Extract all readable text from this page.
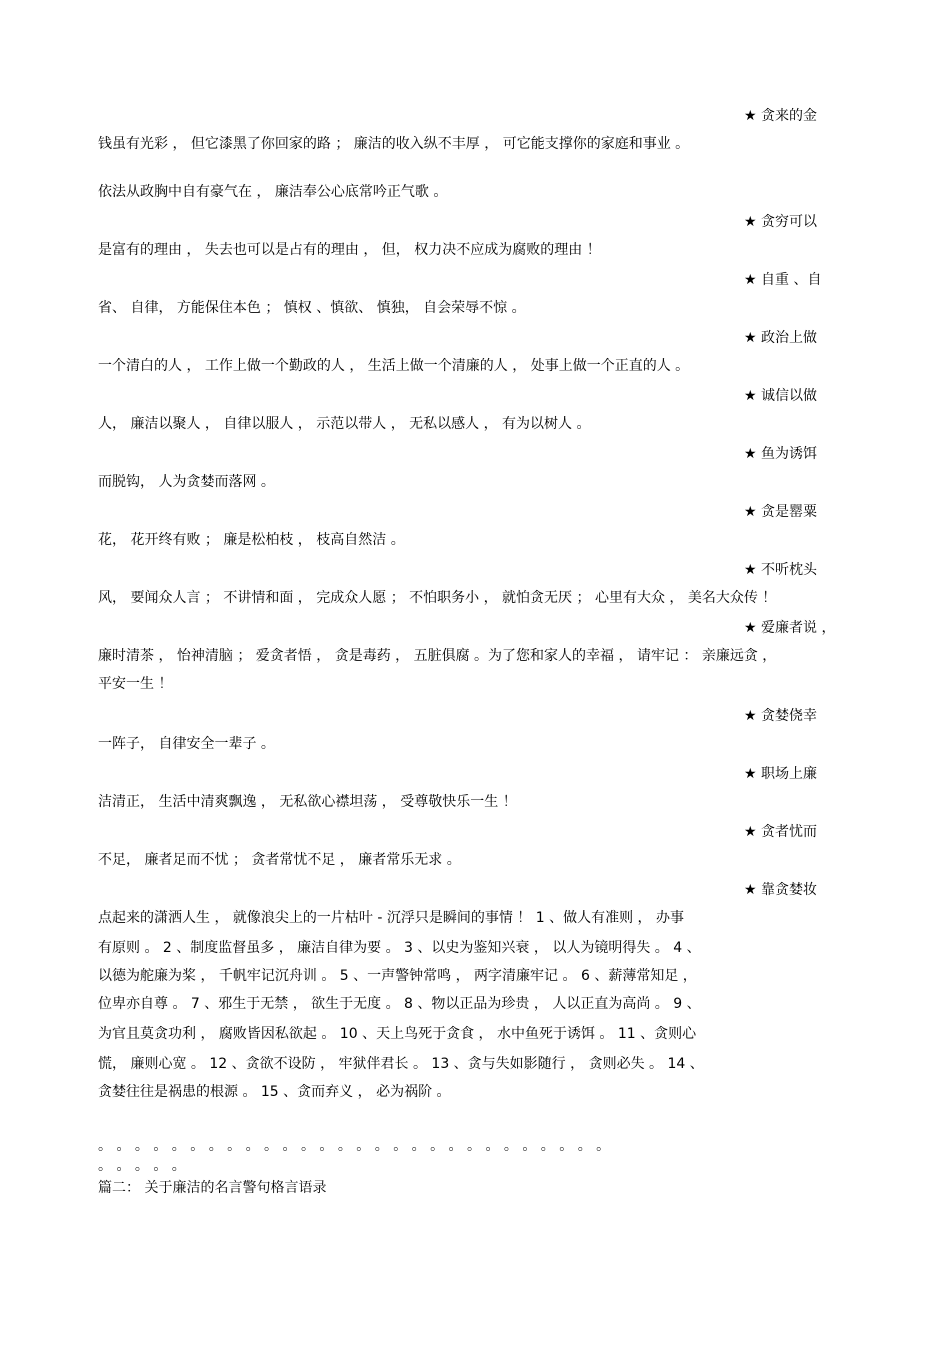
★ 贪来的金
钱虽有光彩 ， 但它漆黑了你回家的路 ； 廉洁的收入纵不丰厚 ， 可它能支撑你的家庭和事业 。
依法从政胸中自有豪气在 ， 廉洁奉公心底常吟正气歌 。
★ 贪穷可以
是富有的理由 ， 失去也可以是占有的理由 ， 但， 权力决不应成为腐败的理由 ！
★ 自重 、自
省、 自律， 方能保住本色 ； 慎权 、慎欲、 慎独， 自会荣辱不惊 。
★ 政治上做
一个清白的人 ， 工作上做一个勤政的人 ， 生活上做一个清廉的人 ， 处事上做一个正直的人 。
★ 诚信以做
人， 廉洁以聚人 ， 自律以服人 ， 示范以带人 ， 无私以感人 ， 有为以树人 。
★ 鱼为诱饵
而脱钩， 人为贪婪而落网 。
★ 贪是罂粟
花， 花开终有败 ； 廉是松柏枝 ， 枝高自然洁 。
★ 不听枕头
风， 要闻众人言 ； 不讲情和面 ， 完成众人愿 ； 不怕职务小 ， 就怕贪无厌 ； 心里有大众 ， 美名大众传 ！
★ 爱廉者说 ，
廉时清茶 ， 怡神清脑 ； 爱贪者悟 ， 贪是毒药 ， 五脏俱腐 。为了您和家人的幸福 ， 请牢记 ： 亲廉远贪 ，
平安一生 ！
★ 贪婪侥幸
一阵子， 自律安全一辈子 。
★ 职场上廉
洁清正， 生活中清爽飘逸 ， 无私欲心襟坦荡 ， 受尊敬快乐一生 ！
★ 贪者忧而
不足， 廉者足而不忧 ； 贪者常忧不足 ， 廉者常乐无求 。
★ 靠贪婪妆
点起来的潇洒人生 ， 就像浪尖上的一片枯叶 - 沉浮只是瞬间的事情 ！ 1 、做人有准则 ， 办事
有原则 。 2 、制度监督虽多 ， 廉洁自律为要 。 3 、以史为鉴知兴衰 ， 以人为镜明得失 。 4 、
以德为舵廉为桨 ， 千帆牢记沉舟训 。 5 、一声警钟常鸣 ， 两字清廉牢记 。 6 、薪薄常知足 ，
位卑亦自尊 。 7 、邪生于无禁 ， 欲生于无度 。 8 、物以正品为珍贵 ， 人以正直为高尚 。 9 、
为官且莫贪功利 ， 腐败皆因私欲起 。 10 、天上鸟死于贪食 ， 水中鱼死于诱饵 。 11 、贪则心
慌， 廉则心宽 。 12 、贪欲不设防 ， 牢狱伴君长 。 13 、贪与失如影随行 ， 贪则必失 。 14 、
贪婪往往是祸患的根源 。 15 、贪而弃义 ， 必为祸阶 。
。 。 。 。 。 。 。 。 。 。 。 。 。 。 。 。 。 。 。 。 。 。 。 。 。 。 。 。
。 。 。 。 。
篇二： 关于廉洁的名言警句格言语录
